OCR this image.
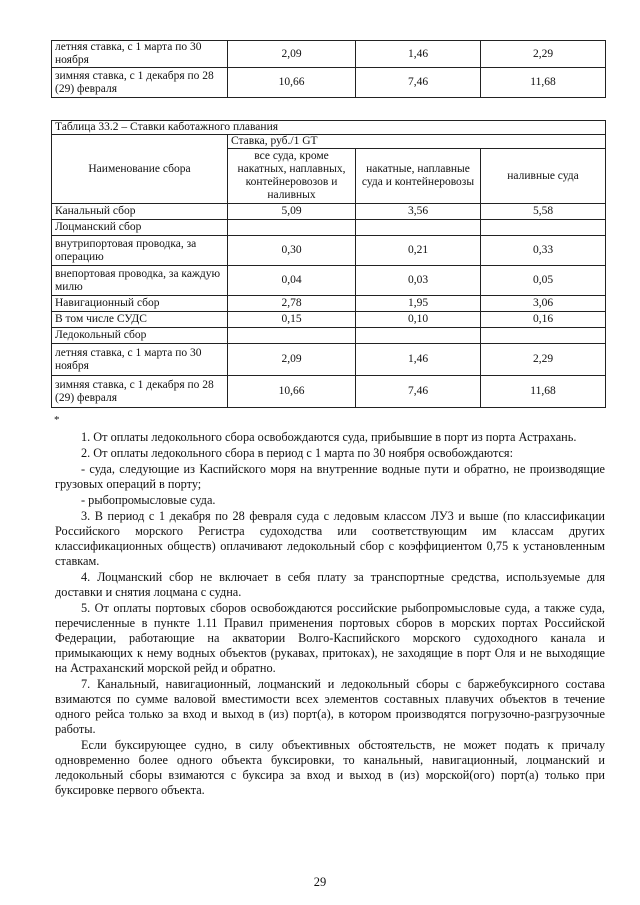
летняя ставка, с 1 марта по 30 ноября	2,09	1,46	2,29
зимняя ставка, с 1 декабря по 28 (29) февраля	10,66	7,46	11,68
Таблица 33.2 – Ставки каботажного плавания			
Наименование сбора	Ставка, руб./1 GT		
	все суда, кроме накатных, наплавных, контейнеровозов и наливных	накатные, наплавные суда и контейнеровозы	наливные суда
Канальный сбор	5,09	3,56	5,58
Лоцманский сбор			
внутрипортовая проводка, за операцию	0,30	0,21	0,33
внепортовая проводка, за каждую милю	0,04	0,03	0,05
Навигационный сбор	2,78	1,95	3,06
В том числе СУДС	0,15	0,10	0,16
Ледокольный сбор			
летняя ставка, с 1 марта по 30 ноября	2,09	1,46	2,29
зимняя ставка, с 1 декабря по 28 (29) февраля	10,66	7,46	11,68
*

1. От оплаты ледокольного сбора освобождаются суда, прибывшие в порт из порта Астрахань.

2. От оплаты ледокольного сбора в период с 1 марта по 30 ноября освобождаются:

- суда, следующие из Каспийского моря на внутренние водные пути и обратно, не производящие грузовых операций в порту;

- рыбопромысловые суда.

3. В период с 1 декабря по 28 февраля суда с ледовым классом ЛУ3 и выше (по классификации Российского морского Регистра судоходства или соответствующим им классам других классификационных обществ) оплачивают ледокольный сбор с коэффициентом 0,75 к установленным ставкам.

4. Лоцманский сбор не включает в себя плату за транспортные средства, используемые для доставки и снятия лоцмана с судна.

5. От оплаты портовых сборов освобождаются российские рыбопромысловые суда, а также суда, перечисленные в пункте 1.11 Правил применения портовых сборов в морских портах Российской Федерации, работающие на акватории Волго-Каспийского морского судоходного канала и примыкающих к нему водных объектов (рукавах, притоках), не заходящие в порт Оля и не выходящие на Астраханский морской рейд и обратно.

7. Канальный, навигационный, лоцманский и ледокольный сборы с баржебуксирного состава взимаются по сумме валовой вместимости всех элементов составных плавучих объектов в течение одного рейса только за вход и выход в (из) порт(а), в котором производятся погрузочно-разгрузочные работы.

Если буксирующее судно, в силу объективных обстоятельств, не может подать к причалу одновременно более одного объекта буксировки, то канальный, навигационный, лоцманский и ледокольный сборы взимаются с буксира за вход и выход в (из) морской(ого) порт(а) только при буксировке первого объекта.

29
